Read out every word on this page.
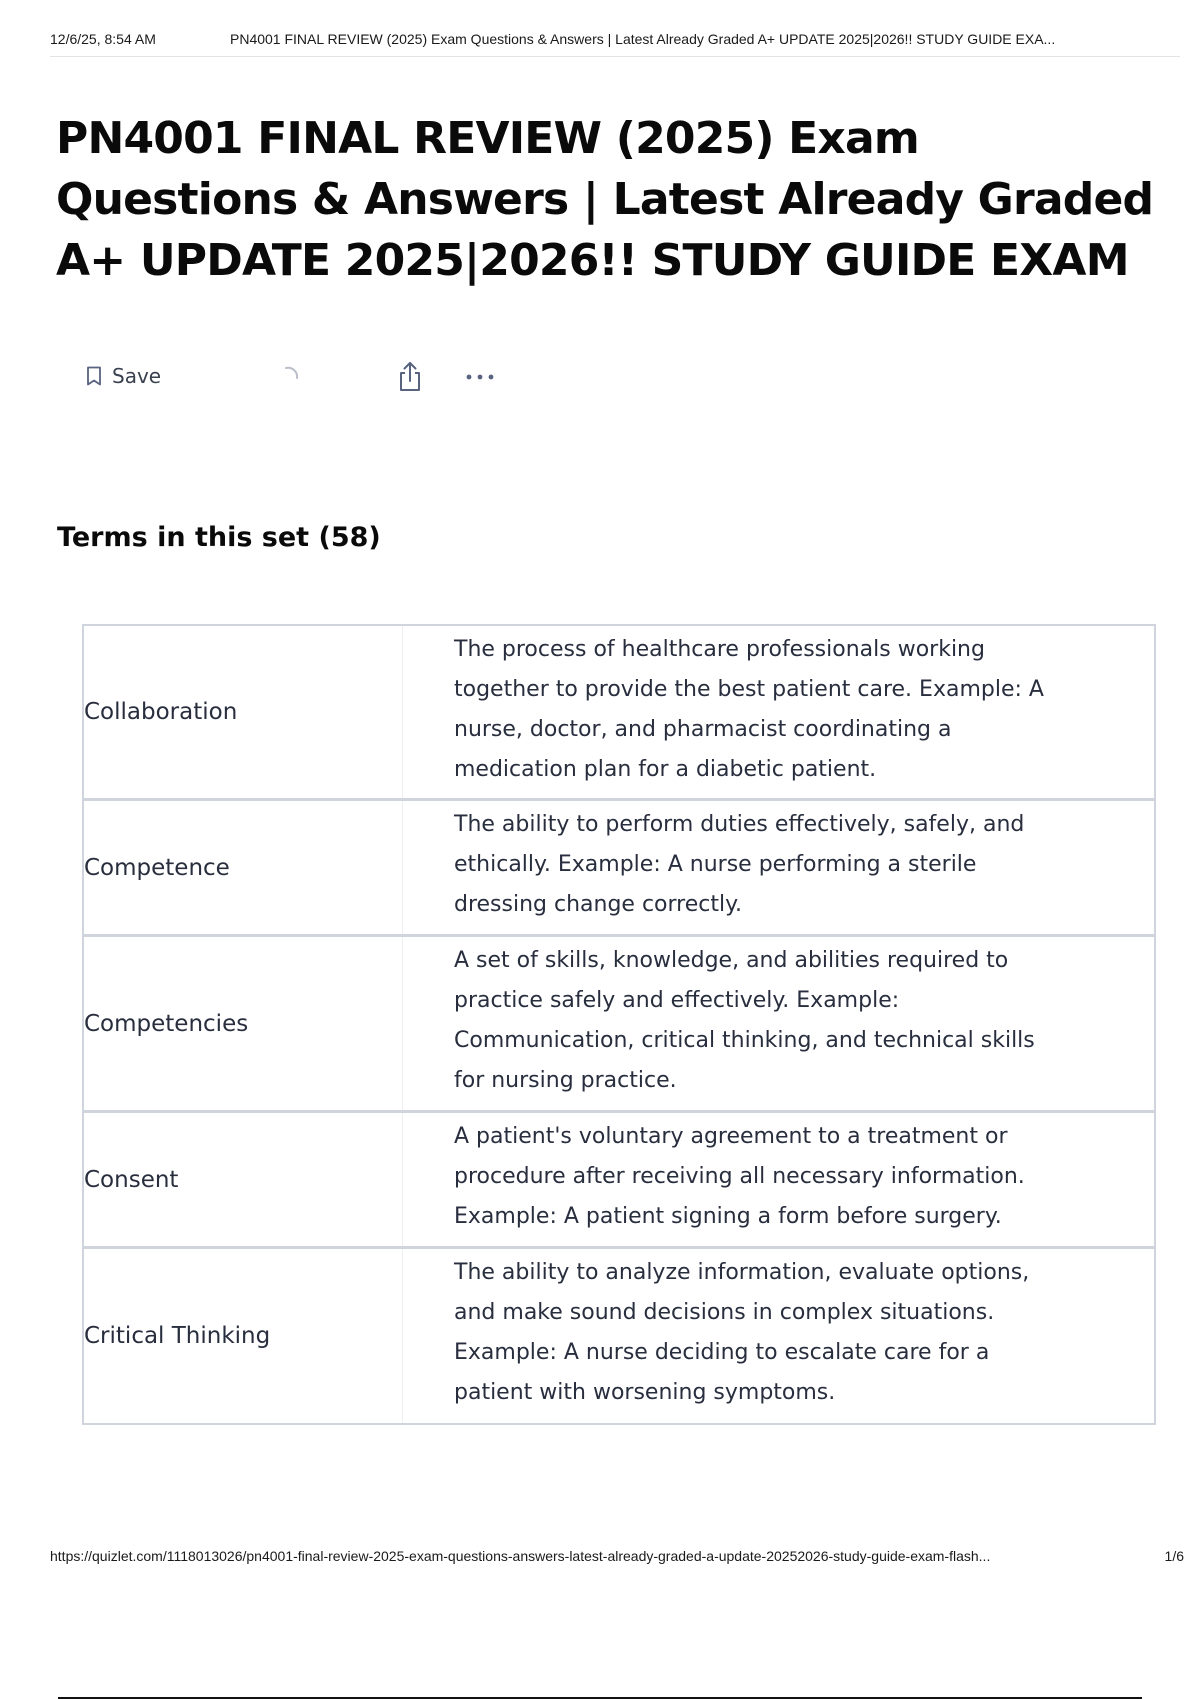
12/6/25, 8:54 AM	PN4001 FINAL REVIEW (2025) Exam Questions & Answers | Latest Already Graded A+ UPDATE 2025|2026!! STUDY GUIDE EXA...
PN4001 FINAL REVIEW (2025) Exam Questions & Answers | Latest Already Graded A+ UPDATE 2025|2026!! STUDY GUIDE EXAM
Save
Terms in this set (58)
Collaboration
The process of healthcare professionals working together to provide the best patient care. Example: A nurse, doctor, and pharmacist coordinating a medication plan for a diabetic patient.
Competence
The ability to perform duties effectively, safely, and ethically. Example: A nurse performing a sterile dressing change correctly.
Competencies
A set of skills, knowledge, and abilities required to practice safely and effectively. Example: Communication, critical thinking, and technical skills for nursing practice.
Consent
A patient's voluntary agreement to a treatment or procedure after receiving all necessary information. Example: A patient signing a form before surgery.
Critical Thinking
The ability to analyze information, evaluate options, and make sound decisions in complex situations. Example: A nurse deciding to escalate care for a patient with worsening symptoms.
https://quizlet.com/1118013026/pn4001-final-review-2025-exam-questions-answers-latest-already-graded-a-update-20252026-study-guide-exam-flash...	1/6
